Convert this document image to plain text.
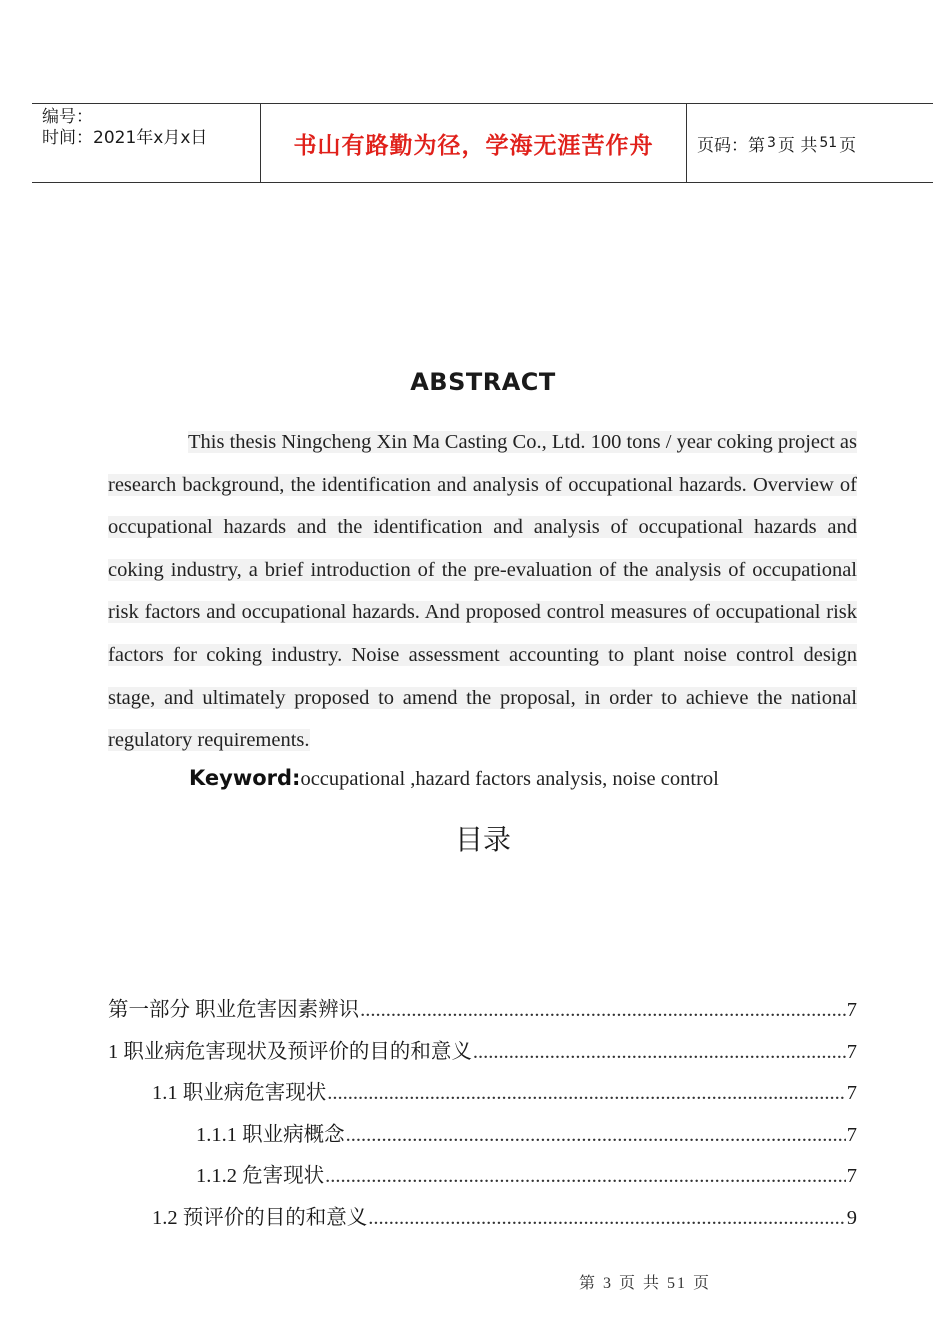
编号：
时间：2021年x月x日	书山有路勤为径，学海无涯苦作舟	页码：第 3 页 共 51 页
ABSTRACT
This thesis Ningcheng Xin Ma Casting Co., Ltd. 100 tons / year coking project as research background, the identification and analysis of occupational hazards. Overview of occupational hazards and the identification and analysis of occupational hazards and coking industry, a brief introduction of the pre-evaluation of the analysis of occupational risk factors and occupational hazards. And proposed control measures of occupational risk factors for coking industry. Noise assessment accounting to plant noise control design stage, and ultimately proposed to amend the proposal, in order to achieve the national regulatory requirements.
Keyword:occupational ,hazard factors analysis, noise control
目录
第一部分 职业危害因素辨识 .....	7
1 职业病危害现状及预评价的目的和意义 .....	7
1.1 职业病危害现状 .....	7
1.1.1 职业病概念 .....	7
1.1.2 危害现状 .....	7
1.2 预评价的目的和意义 .....	9
第 3 页 共 51 页
